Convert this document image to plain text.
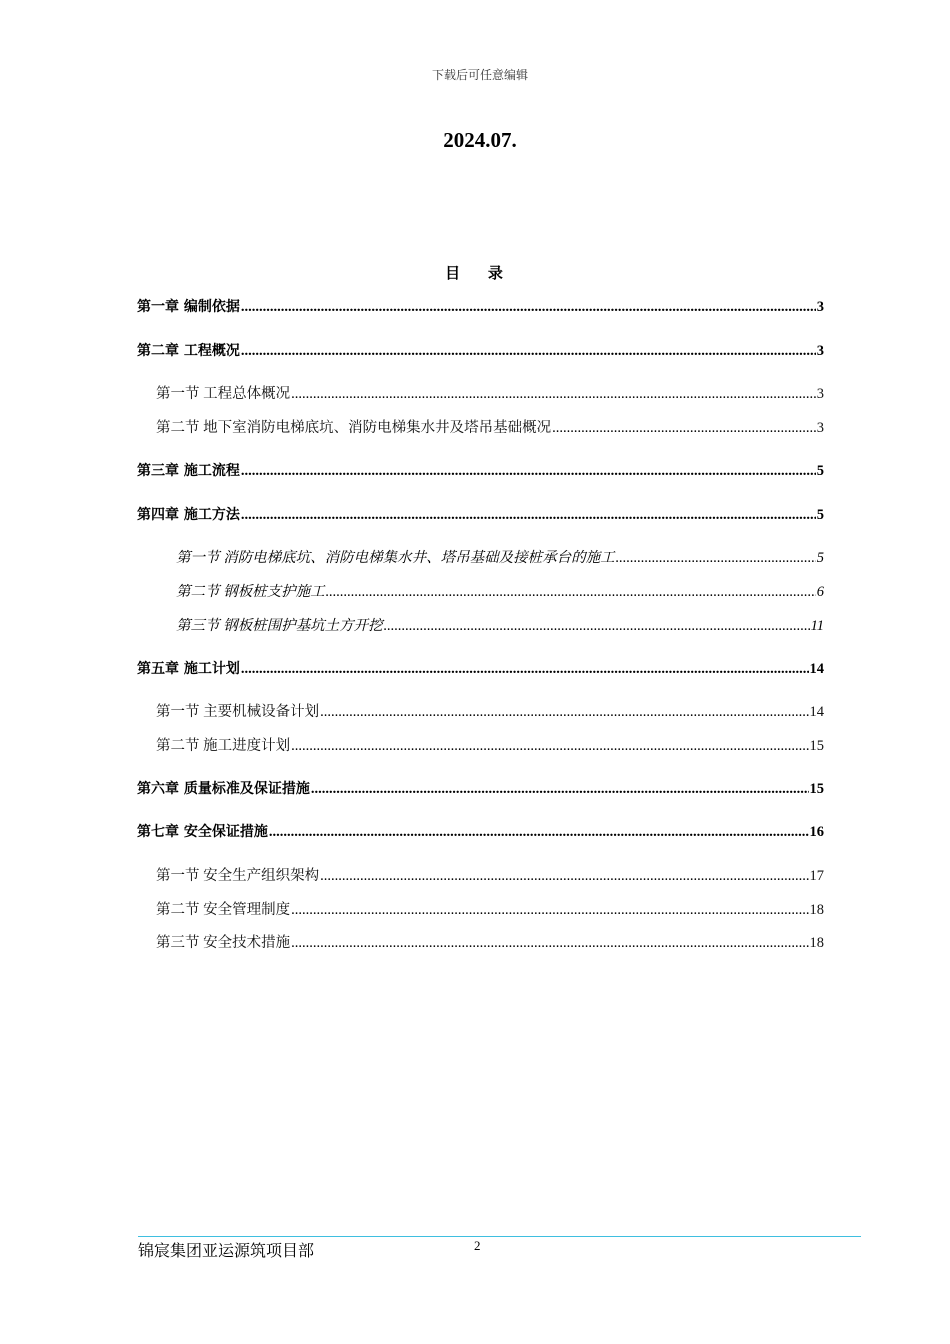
下载后可任意编辑
2024.07.
目 录
第一章 编制依据 .....	3
第二章 工程概况 .....	3
第一节 工程总体概况 .....	3
第二节 地下室消防电梯底坑、消防电梯集水井及塔吊基础概况 .....	3
第三章 施工流程 .....	5
第四章 施工方法 .....	5
第一节 消防电梯底坑、消防电梯集水井、塔吊基础及接桩承台的施工 .....	5
第二节 钢板桩支护施工 .....	6
第三节 钢板桩围护基坑土方开挖 .....	11
第五章 施工计划 .....	14
第一节 主要机械设备计划 .....	14
第二节 施工进度计划 .....	15
第六章 质量标准及保证措施 .....	15
第七章 安全保证措施 .....	16
第一节 安全生产组织架构 .....	17
第二节 安全管理制度 .....	18
第三节 安全技术措施 .....	18
锦宸集团亚运源筑项目部	2
